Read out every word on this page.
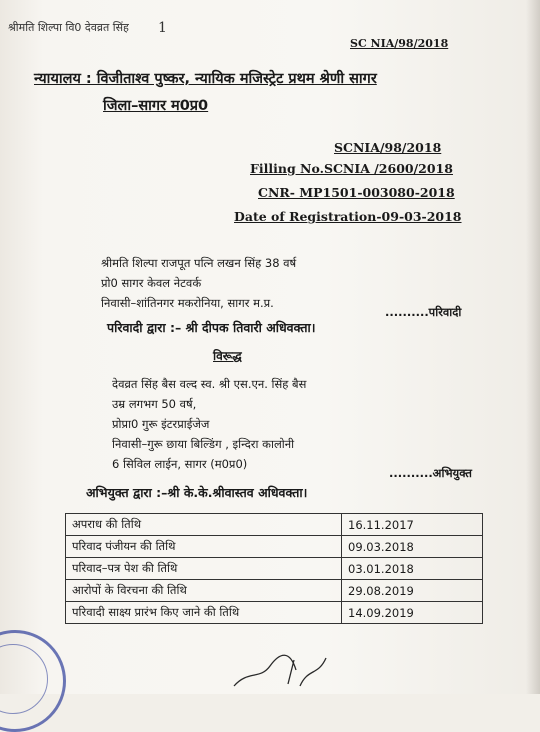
श्रीमति शिल्पा वि0 देवव्रत सिंह 1
SC NIA/98/2018
न्यायालय : विजीताश्व पुष्कर, न्यायिक मजिस्ट्रेट प्रथम श्रेणी सागर
जिला–सागर म0प्र0
SCNIA/98/2018
Filling No.SCNIA /2600/2018
CNR- MP1501-003080-2018
Date of Registration-09-03-2018
श्रीमति शिल्पा राजपूत पत्नि लखन सिंह 38 वर्ष
प्रो0 सागर केवल नेटवर्क
निवासी–शांतिनगर मकरोनिया, सागर म.प्र.
..........परिवादी
परिवादी द्वारा :– श्री दीपक तिवारी अधिवक्ता।
विरूद्ध
देवव्रत सिंह बैस वल्द स्व. श्री एस.एन. सिंह बैस
उम्र लगभग 50 वर्ष,
प्रोप्रा0 गुरू इंटरप्राईजेज
निवासी–गुरू छाया बिल्डिंग , इन्दिरा कालोनी
6 सिविल लाईन, सागर (म0प्र0)
..........अभियुक्त
अभियुक्त द्वारा :–श्री के.के.श्रीवास्तव अधिवक्ता।
अपराध की तिथि	16.11.2017
परिवाद पंजीयन की तिथि	09.03.2018
परिवाद–पत्र पेश की तिथि	03.01.2018
आरोपों के विरचना की तिथि	29.08.2019
परिवादी साक्ष्य प्रारंभ किए जाने की तिथि	14.09.2019
